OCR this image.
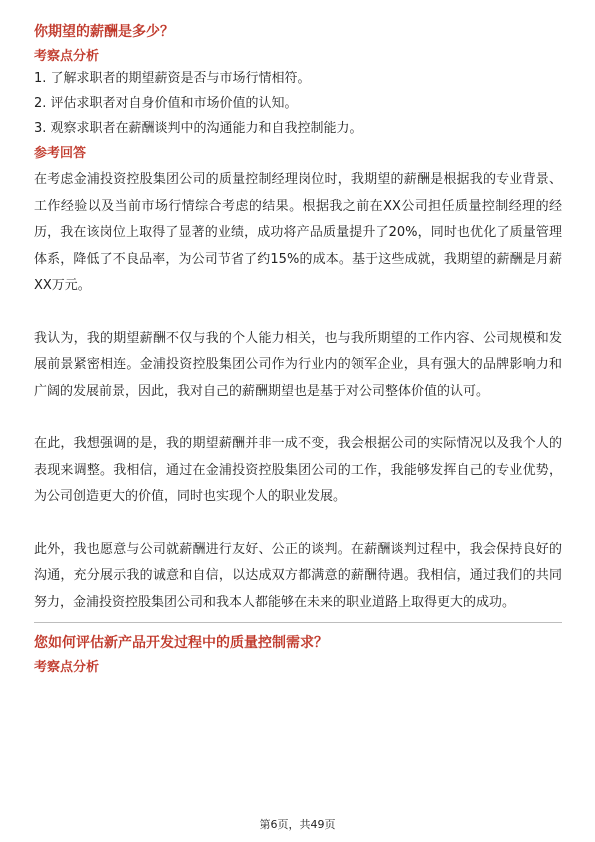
你期望的薪酬是多少？
考察点分析

1. 了解求职者的期望薪资是否与市场行情相符。

2. 评估求职者对自身价值和市场价值的认知。

3. 观察求职者在薪酬谈判中的沟通能力和自我控制能力。

参考回答

在考虑金浦投资控股集团公司的质量控制经理岗位时，我期望的薪酬是根据我的专业背景、工作经验以及当前市场行情综合考虑的结果。根据我之前在XX公司担任质量控制经理的经历，我在该岗位上取得了显著的业绩，成功将产品质量提升了20%，同时也优化了质量管理体系，降低了不良品率，为公司节省了约15%的成本。基于这些成就，我期望的薪酬是月薪XX万元。

我认为，我的期望薪酬不仅与我的个人能力相关，也与我所期望的工作内容、公司规模和发展前景紧密相连。金浦投资控股集团公司作为行业内的领军企业，具有强大的品牌影响力和广阔的发展前景，因此，我对自己的薪酬期望也是基于对公司整体价值的认可。

在此，我想强调的是，我的期望薪酬并非一成不变，我会根据公司的实际情况以及我个人的表现来调整。我相信，通过在金浦投资控股集团公司的工作，我能够发挥自己的专业优势，为公司创造更大的价值，同时也实现个人的职业发展。

此外，我也愿意与公司就薪酬进行友好、公正的谈判。在薪酬谈判过程中，我会保持良好的沟通，充分展示我的诚意和自信，以达成双方都满意的薪酬待遇。我相信，通过我们的共同努力，金浦投资控股集团公司和我本人都能够在未来的职业道路上取得更大的成功。

您如何评估新产品开发过程中的质量控制需求？
考察点分析
第6页，共49页
